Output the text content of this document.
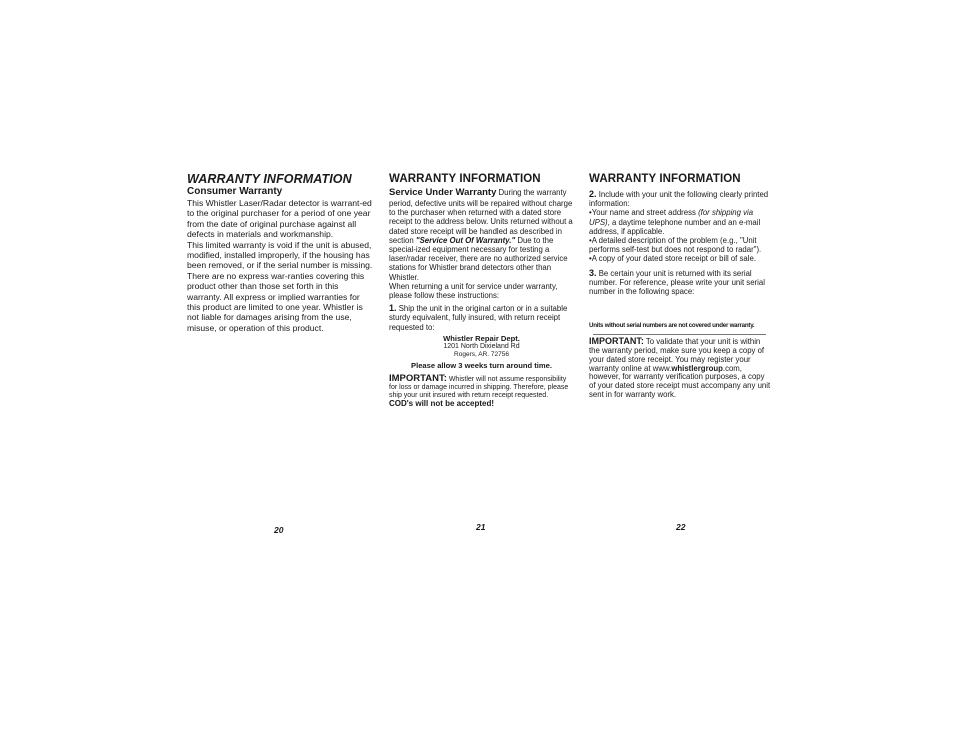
WARRANTY INFORMATION

Consumer Warranty

This Whistler Laser/Radar detector is warrant-ed to the original purchaser for a period of one year from the date of original purchase against all defects in materials and workmanship.

This limited warranty is void if the unit is abused, modified, installed improperly, if the housing has been removed, or if the serial number is missing. There are no express war-ranties covering this product other than those set forth in this warranty. All express or implied warranties for this product are limited to one year. Whistler is not liable for damages arising from the use, misuse, or operation of this product.

20
WARRANTY INFORMATION

Service Under Warranty During the warranty period, defective units will be repaired without charge to the purchaser when returned with a dated store receipt to the address below. Units returned without a dated store receipt will be handled as described in section "Service Out Of Warranty." Due to the special-ized equipment necessary for testing a laser/radar receiver, there are no authorized service stations for Whistler brand detectors other than Whistler.

When returning a unit for service under warranty, please follow these instructions:

1. Ship the unit in the original carton or in a suitable sturdy equivalent, fully insured, with return receipt requested to:

Whistler Repair Dept.

1201 North Dixieland Rd

Rogers, AR. 72756

Please allow 3 weeks turn around time.

IMPORTANT: Whistler will not assume responsibility for loss or damage incurred in shipping. Therefore, please ship your unit insured with return receipt requested. COD's will not be accepted!

21
WARRANTY INFORMATION

2. Include with your unit the following clearly printed information:

•Your name and street address (for shipping via UPS), a daytime telephone number and an e-mail address, if applicable.

•A detailed description of the problem (e.g., "Unit performs self-test but does not respond to radar").

•A copy of your dated store receipt or bill of sale.

3. Be certain your unit is returned with its serial number. For reference, please write your unit serial number in the following space:

Units without serial numbers are not covered under warranty.

IMPORTANT: To validate that your unit is within the warranty period, make sure you keep a copy of your dated store receipt. You may register your warranty online at www.whistlergroup.com, however, for warranty verification purposes, a copy of your dated store receipt must accompany any unit sent in for warranty work.

22
